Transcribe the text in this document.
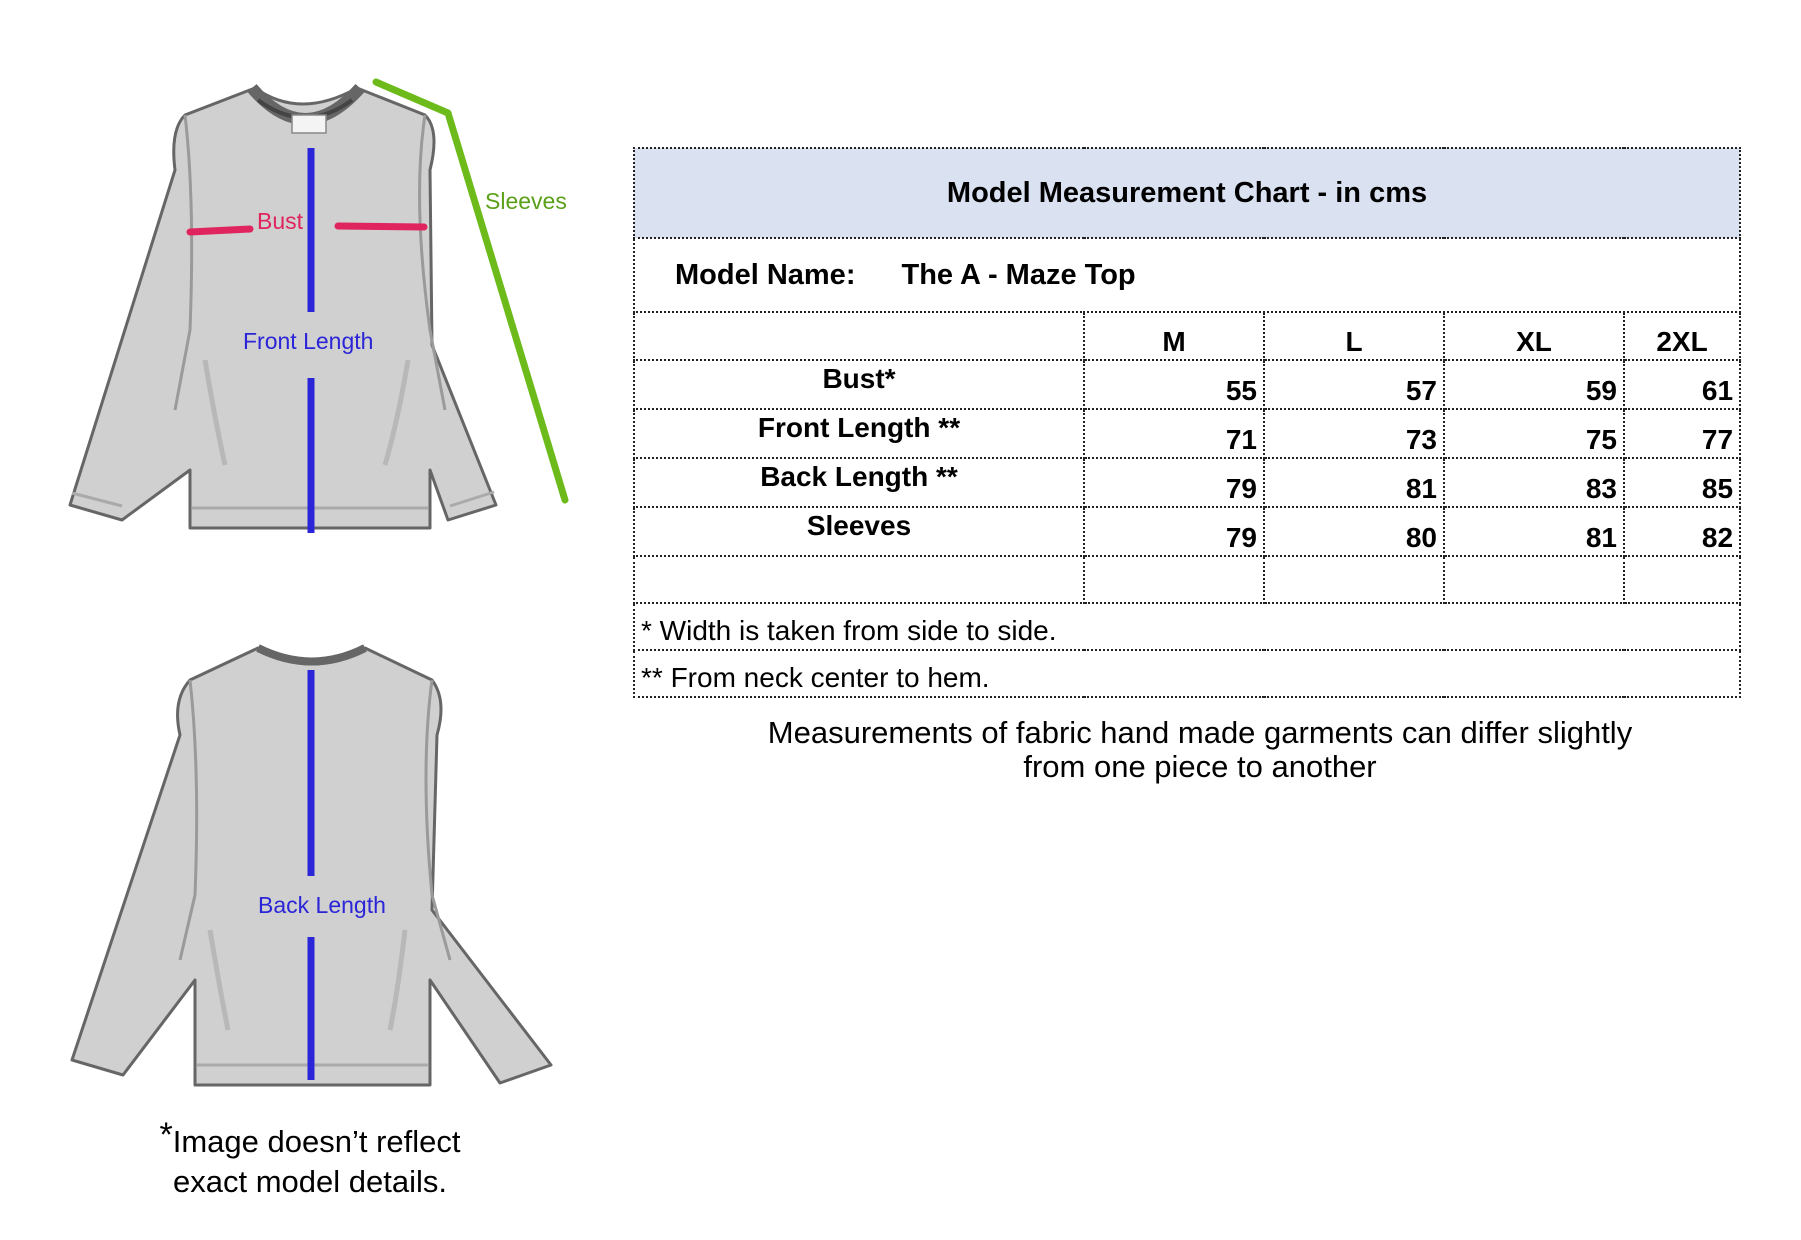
Bust
Front Length
Sleeves
Back Length
*Image doesn’t reflect
exact model details.
Model Measurement Chart - in cms				
Model Name: The A - Maze Top				
	M	L	XL	2XL
Bust*	55	57	59	61
Front Length **	71	73	75	77
Back Length **	79	81	83	85
Sleeves	79	80	81	82

* Width is taken from side to side.				
** From neck center to hem.				
Measurements of fabric hand made garments can differ slightly
from one piece to another
